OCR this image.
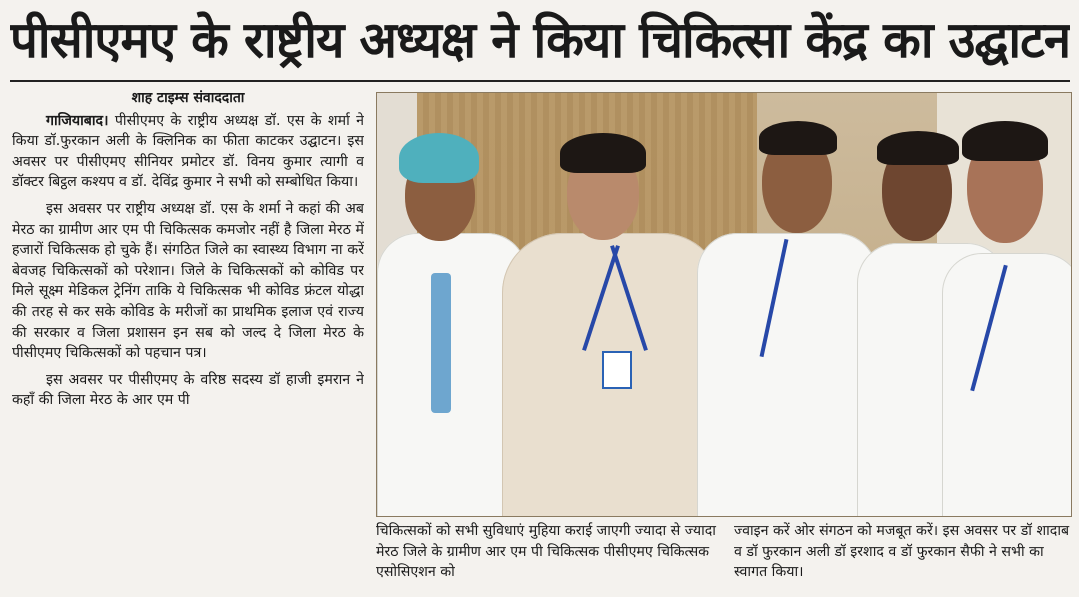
पीसीएमए के राष्ट्रीय अध्यक्ष ने किया चिकित्सा केंद्र का उद्घाटन
शाह टाइम्स संवाददाता

गाजियाबाद। पीसीएमए के राष्ट्रीय अध्यक्ष डॉ. एस के शर्मा ने किया डॉ.फुरकान अली के क्लिनिक का फीता काटकर उद्घाटन। इस अवसर पर पीसीएमए सीनियर प्रमोटर डॉ. विनय कुमार त्यागी व डॉक्टर बिट्ठल कश्यप व डॉ. देविंद्र कुमार ने सभी को सम्बोधित किया।

इस अवसर पर राष्ट्रीय अध्यक्ष डॉ. एस के शर्मा ने कहां की अब मेरठ का ग्रामीण आर एम पी चिकित्सक कमजोर नहीं है जिला मेरठ में हजारों चिकित्सक हो चुके हैं। संगठित जिले का स्वास्थ्य विभाग ना करें बेवजह चिकित्सकों को परेशान। जिले के चिकित्सकों को कोविड पर मिले सूक्ष्म मेडिकल ट्रेनिंग ताकि ये चिकित्सक भी कोविड फ्रंटल योद्धा की तरह से कर सके कोविड के मरीजों का प्राथमिक इलाज एवं राज्य की सरकार व जिला प्रशासन इन सब को जल्द दे जिला मेरठ के पीसीएमए चिकित्सकों को पहचान पत्र।

इस अवसर पर पीसीएमए के वरिष्ठ सदस्य डॉ हाजी इमरान ने कहाँ की जिला मेरठ के आर एम पी

चिकित्सकों को सभी सुविधाएं मुहिया कराई जाएगी ज्यादा से ज्यादा मेरठ जिले के ग्रामीण आर एम पी चिकित्सक पीसीएमए चिकित्सक एसोसिएशन को

ज्वाइन करें ओर संगठन को मजबूत करें। इस अवसर पर डॉ शादाब व डॉ फुरकान अली डॉ इरशाद व डॉ फुरकान सैफी ने सभी का स्वागत किया।
